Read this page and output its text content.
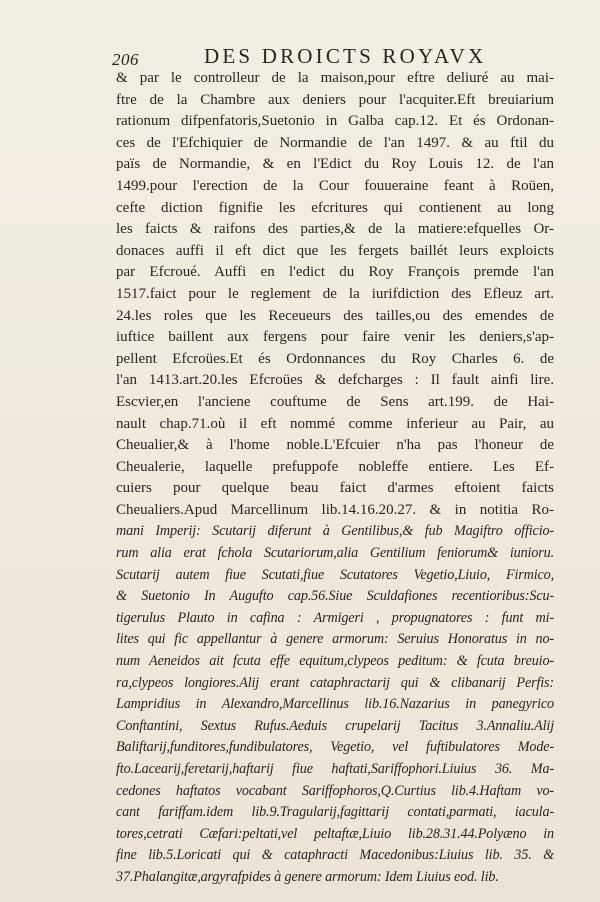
206	DES DROICTS ROYAVX
& par le controlleur de la maison,pour eftre deliuré au mai-
ftre de la Chambre aux deniers pour l'acquiter.Eft breuiarium
rationum difpenfatoris,Suetonio in Galba cap.12. Et és Ordonan-
ces de l'Efchiquier de Normandie de l'an 1497. & au ftil du
païs de Normandie, & en l'Edict du Roy Louis 12. de l'an
1499.pour l'erection de la Cour fouueraine feant à Roüen,
cefte diction fignifie les efcritures qui contienent au long
les faicts & raifons des parties,& de la matiere:efquelles Or-
donaces auffi il eft dict que les fergets baillét leurs exploicts
par Efcroué. Auffi en l'edict du Roy François premde l'an
1517.faict pour le reglement de la iurifdiction des Efleuz art.
24.les roles que les Receueurs des tailles,ou des emendes de
iuftice baillent aux fergens pour faire venir les deniers,s'ap-
pellent Efcroües.Et és Ordonnances du Roy Charles 6. de
l'an 1413.art.20.les Efcroües & defcharges : Il fault ainfi lire.
Escvier,en l'anciene couftume de Sens art.199. de Hai-
nault chap.71.où il eft nommé comme inferieur au Pair, au
Cheualier,& à l'home noble.L'Efcuier n'ha pas l'honeur de
Cheualerie, laquelle prefuppofe nobleffe entiere. Les Ef-
cuiers pour quelque beau faict d'armes eftoient faicts
Cheualiers.Apud Marcellinum lib.14.16.20.27. & in notitia Ro-
mani Imperij: Scutarij diferunt à Gentilibus,& fub Magiftro officio-
rum alia erat fchola Scutariorum,alia Gentilium feniorum& iunioru.
Scutarij autem fiue Scutati,fiue Scutatores Vegetio,Liuio, Firmico,
& Suetonio In Augufto cap.56.Siue Sculdafiones recentioribus:Scu-
tigerulus Plauto in cafina : Armigeri , propugnatores : funt mi-
lites qui fic appellantur à genere armorum: Seruius Honoratus in no-
num Aeneidos ait fcuta effe equitum,clypeos peditum: & fcuta breuio-
ra,clypeos longiores.Alij erant cataphractarij qui & clibanarij Perfis:
Lampridius in Alexandro,Marcellinus lib.16.Nazarius in panegyrico
Conftantini, Sextus Rufus.Aeduis crupelarij Tacitus 3.Annaliu.Alij
Baliftarij,funditores,fundibulatores, Vegetio, vel fuftibulatores Mode-
fto.Lacearij,feretarij,haftarij fiue haftati,Sariffophori.Liuius 36. Ma-
cedones haftatos vocabant Sariffophoros,Q.Curtius lib.4.Haftam vo-
cant fariffam.idem lib.9.Tragularij,fagittarij contati,parmati, iacula-
tores,cetrati Cæfari:peltati,vel peltaftæ,Liuio lib.28.31.44.Polyæno in
fine lib.5.Loricati qui & cataphracti Macedonibus:Liuius lib. 35. &
37.Phalangitæ,argyrafpides à genere armorum: Idem Liuius eod. lib.
